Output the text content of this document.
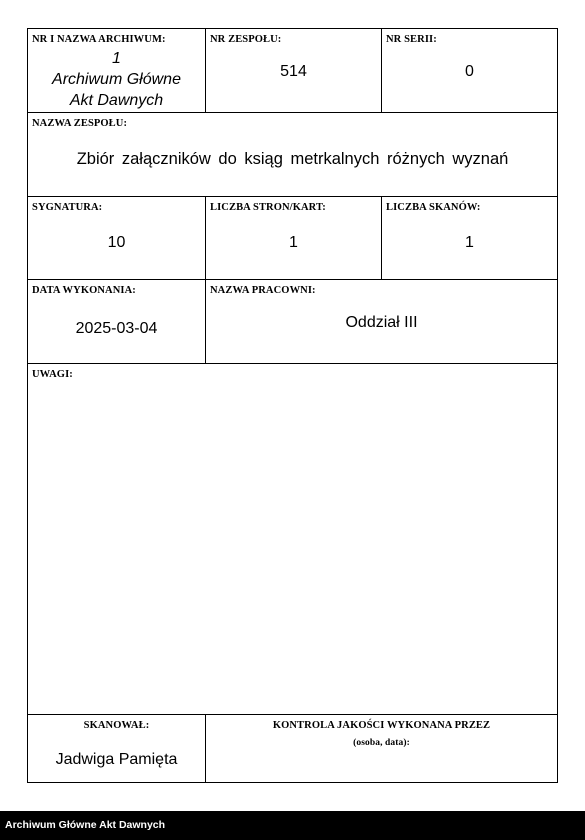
NR I NAZWA ARCHIWUM:
1
Archiwum Główne
Akt Dawnych
NR ZESPOŁU:
514
NR SERII:
0
NAZWA ZESPOŁU:
Zbiór załączników do ksiąg metrkalnych różnych wyznań
SYGNATURA:
10
LICZBA STRON/KART:
1
LICZBA SKANÓW:
1
DATA WYKONANIA:
2025-03-04
NAZWA PRACOWNI:
Oddział III
UWAGI:
SKANOWAŁ:
Jadwiga Pamięta
KONTROLA JAKOŚCI WYKONANA PRZEZ
(osoba, data):
Archiwum Główne Akt Dawnych
